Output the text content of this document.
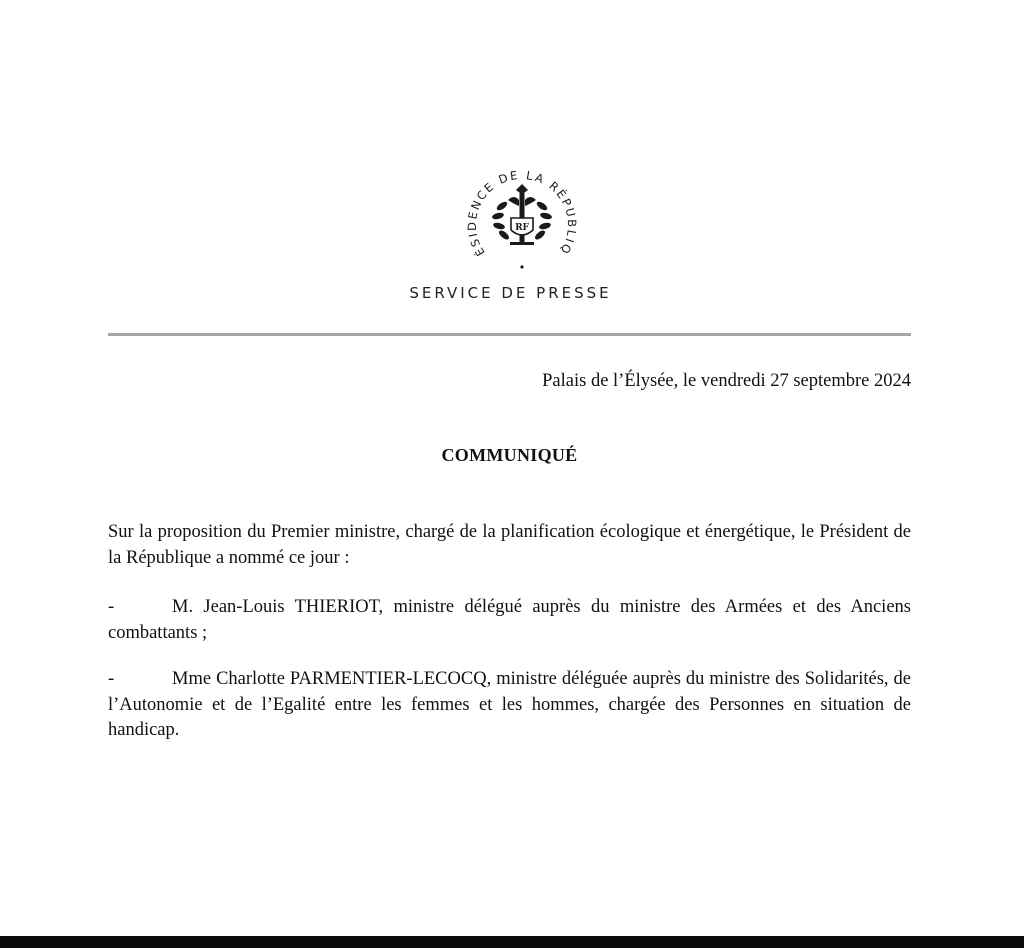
ÉSIDENCE DE LA RÉPUBLIQ
RF
SERVICE DE PRESSE
Palais de l’Élysée, le vendredi 27 septembre 2024
COMMUNIQUÉ
Sur la proposition du Premier ministre, chargé de la planification écologique et énergétique, le Président de la République a nommé ce jour :
-	M. Jean-Louis THIERIOT, ministre délégué auprès du ministre des Armées et des Anciens combattants ;
-	Mme Charlotte PARMENTIER-LECOCQ, ministre déléguée auprès du ministre des Solidarités, de l’Autonomie et de l’Egalité entre les femmes et les hommes, chargée des Personnes en situation de handicap.
